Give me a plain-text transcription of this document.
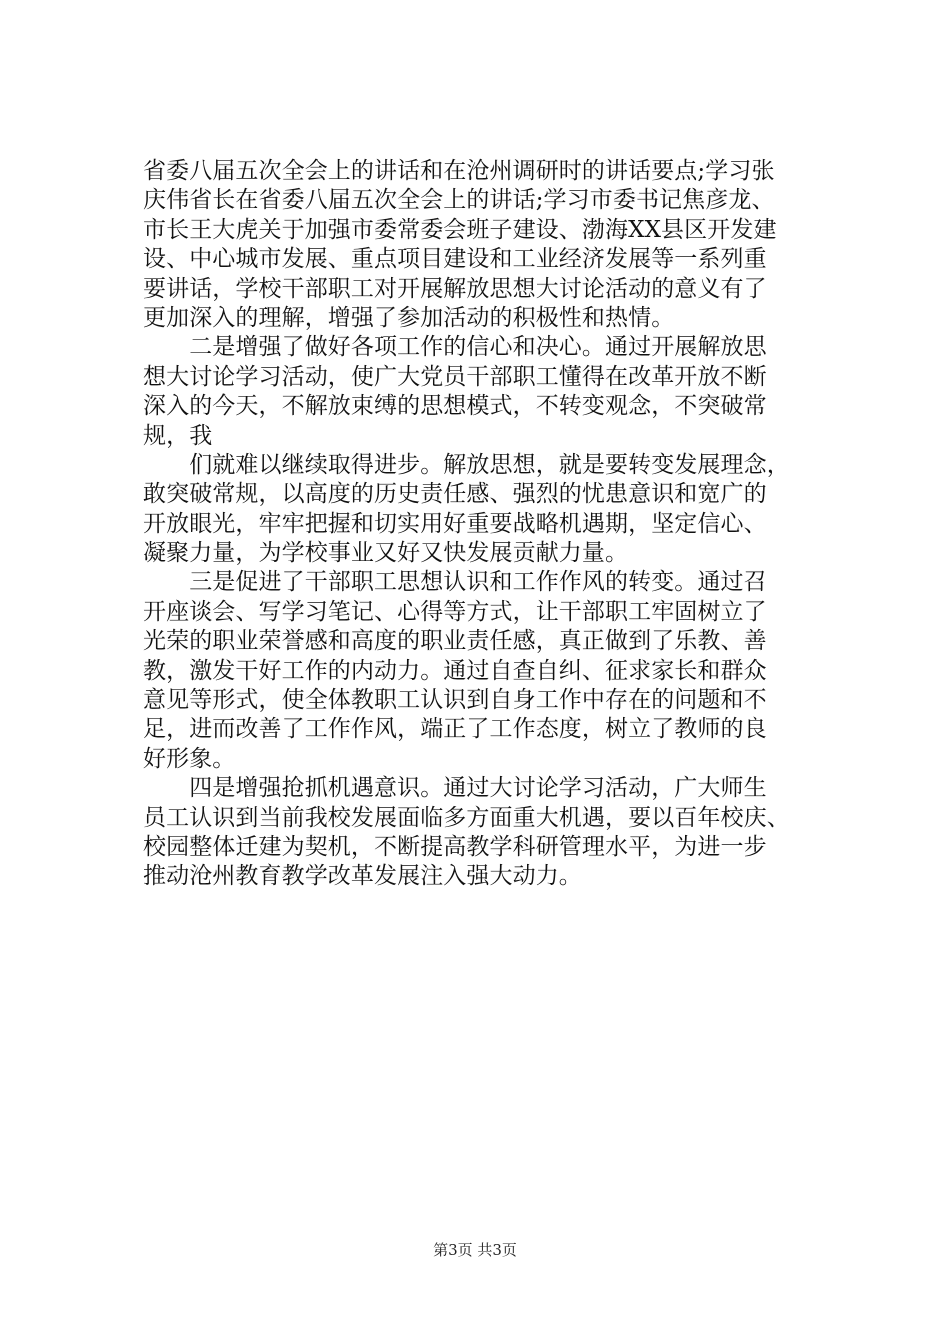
省委八届五次全会上的讲话和在沧州调研时的讲话要点;学习张
庆伟省长在省委八届五次全会上的讲话;学习市委书记焦彦龙、
市长王大虎关于加强市委常委会班子建设、渤海XX县区开发建
设、中心城市发展、重点项目建设和工业经济发展等一系列重
要讲话，学校干部职工对开展解放思想大讨论活动的意义有了
更加深入的理解，增强了参加活动的积极性和热情。
　　二是增强了做好各项工作的信心和决心。通过开展解放思
想大讨论学习活动，使广大党员干部职工懂得在改革开放不断
深入的今天，不解放束缚的思想模式，不转变观念，不突破常
规，我
　　们就难以继续取得进步。解放思想，就是要转变发展理念，
敢突破常规，以高度的历史责任感、强烈的忧患意识和宽广的
开放眼光，牢牢把握和切实用好重要战略机遇期，坚定信心、
凝聚力量，为学校事业又好又快发展贡献力量。
　　三是促进了干部职工思想认识和工作作风的转变。通过召
开座谈会、写学习笔记、心得等方式，让干部职工牢固树立了
光荣的职业荣誉感和高度的职业责任感，真正做到了乐教、善
教，激发干好工作的内动力。通过自查自纠、征求家长和群众
意见等形式，使全体教职工认识到自身工作中存在的问题和不
足，进而改善了工作作风，端正了工作态度，树立了教师的良
好形象。
　　四是增强抢抓机遇意识。通过大讨论学习活动，广大师生
员工认识到当前我校发展面临多方面重大机遇，要以百年校庆、
校园整体迁建为契机，不断提高教学科研管理水平，为进一步
推动沧州教育教学改革发展注入强大动力。
第3页 共3页
